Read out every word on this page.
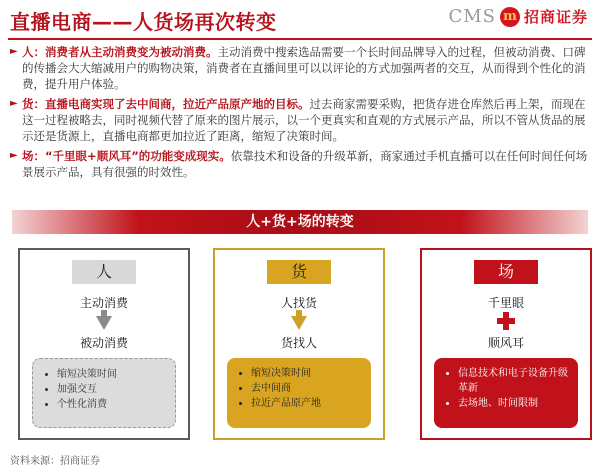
直播电商——人货场再次转变	CMS m 招商证券
► 人：消费者从主动消费变为被动消费。主动消费中搜索选品需要一个长时间品牌导入的过程，但被动消费、口碑的传播会大大缩减用户的购物决策，消费者在直播间里可以以评论的方式加强两者的交互，从而得到个性化的消费，提升用户体验。
► 货：直播电商实现了去中间商，拉近产品原产地的目标。过去商家需要采购，把货存进仓库然后再上架，而现在这一过程被略去，同时视频代替了原来的图片展示，以一个更真实和直观的方式展示产品，所以不管从货品的展示还是货源上，直播电商都更加拉近了距离，缩短了决策时间。
► 场：“千里眼+顺风耳”的功能变成现实。依靠技术和设备的升级革新，商家通过手机直播可以在任何时间任何场景展示产品，具有很强的时效性。
人+货+场的转变
人
主动消费
被动消费
• 缩短决策时间
• 加强交互
• 个性化消费
货
人找货
货找人
• 缩短决策时间
• 去中间商
• 拉近产品原产地
场
千里眼
顺风耳
• 信息技术和电子设备升级革新
• 去场地、时间限制
资料来源：招商证券
